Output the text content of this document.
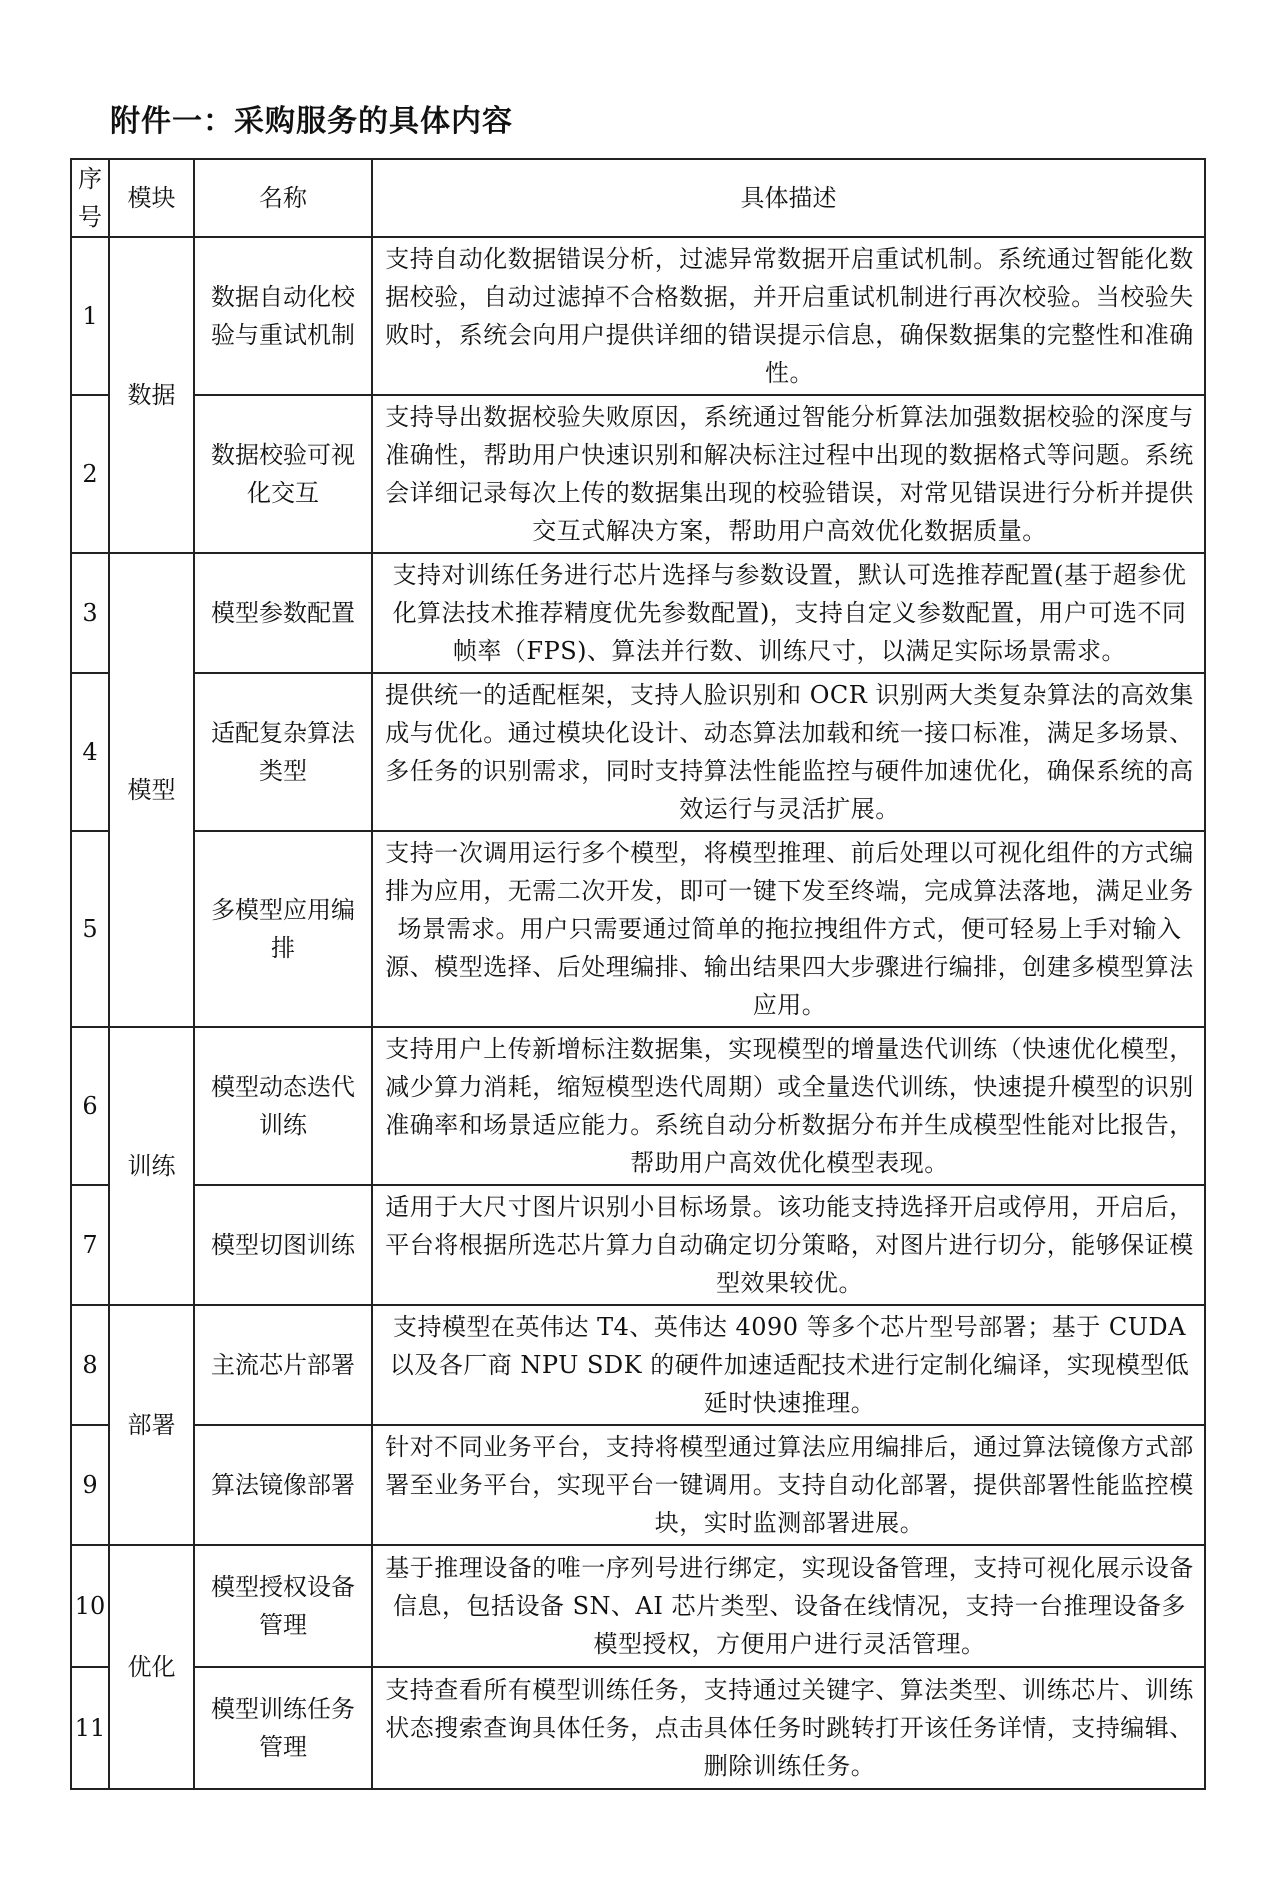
附件一：采购服务的具体内容
序
号	模块	名称	具体描述
1	数据	数据自动化校验与重试机制	支持自动化数据错误分析，过滤异常数据开启重试机制。系统通过智能化数据校验，自动过滤掉不合格数据，并开启重试机制进行再次校验。当校验失败时，系统会向用户提供详细的错误提示信息，确保数据集的完整性和准确性。
2		数据校验可视化交互	支持导出数据校验失败原因，系统通过智能分析算法加强数据校验的深度与准确性，帮助用户快速识别和解决标注过程中出现的数据格式等问题。系统会详细记录每次上传的数据集出现的校验错误，对常见错误进行分析并提供交互式解决方案，帮助用户高效优化数据质量。
3	模型	模型参数配置	支持对训练任务进行芯片选择与参数设置，默认可选推荐配置(基于超参优化算法技术推荐精度优先参数配置)，支持自定义参数配置，用户可选不同帧率（FPS)、算法并行数、训练尺寸，以满足实际场景需求。
4		适配复杂算法类型	提供统一的适配框架，支持人脸识别和 OCR 识别两大类复杂算法的高效集成与优化。通过模块化设计、动态算法加载和统一接口标准，满足多场景、多任务的识别需求，同时支持算法性能监控与硬件加速优化，确保系统的高效运行与灵活扩展。
5		多模型应用编排	支持一次调用运行多个模型，将模型推理、前后处理以可视化组件的方式编排为应用，无需二次开发，即可一键下发至终端，完成算法落地，满足业务场景需求。用户只需要通过简单的拖拉拽组件方式，便可轻易上手对输入源、模型选择、后处理编排、输出结果四大步骤进行编排，创建多模型算法应用。
6	训练	模型动态迭代训练	支持用户上传新增标注数据集，实现模型的增量迭代训练（快速优化模型，减少算力消耗，缩短模型迭代周期）或全量迭代训练，快速提升模型的识别准确率和场景适应能力。系统自动分析数据分布并生成模型性能对比报告，帮助用户高效优化模型表现。
7		模型切图训练	适用于大尺寸图片识别小目标场景。该功能支持选择开启或停用，开启后，平台将根据所选芯片算力自动确定切分策略，对图片进行切分，能够保证模型效果较优。
8	部署	主流芯片部署	支持模型在英伟达 T4、英伟达 4090 等多个芯片型号部署；基于 CUDA 以及各厂商 NPU SDK 的硬件加速适配技术进行定制化编译，实现模型低延时快速推理。
9		算法镜像部署	针对不同业务平台，支持将模型通过算法应用编排后，通过算法镜像方式部署至业务平台，实现平台一键调用。支持自动化部署，提供部署性能监控模块，实时监测部署进展。
10	优化	模型授权设备管理	基于推理设备的唯一序列号进行绑定，实现设备管理，支持可视化展示设备信息，包括设备 SN、AI 芯片类型、设备在线情况，支持一台推理设备多模型授权，方便用户进行灵活管理。
11		模型训练任务管理	支持查看所有模型训练任务，支持通过关键字、算法类型、训练芯片、训练状态搜索查询具体任务，点击具体任务时跳转打开该任务详情，支持编辑、删除训练任务。
